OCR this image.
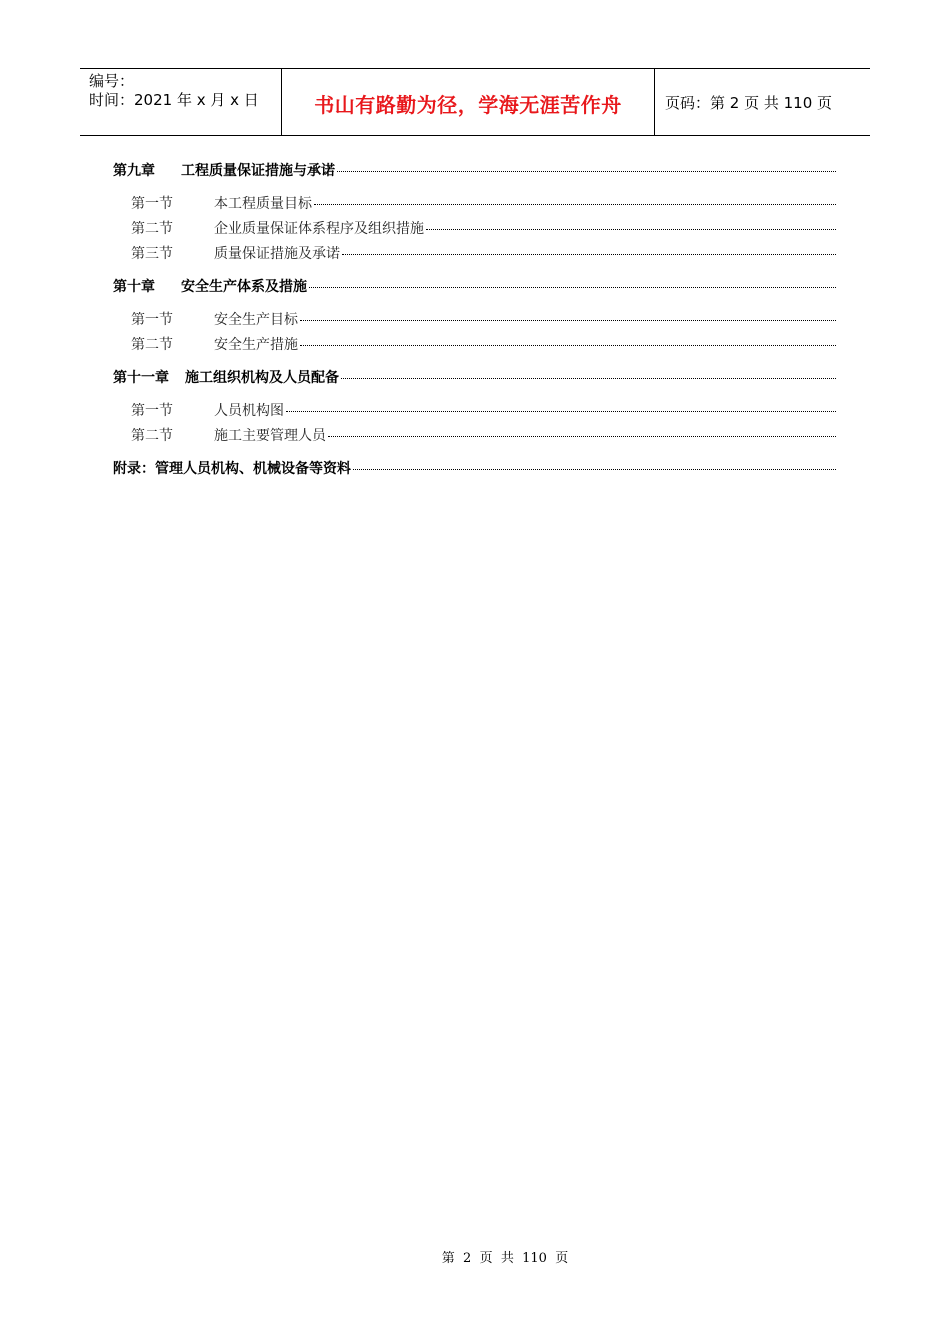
编号：
时间：2021 年 x 月 x 日	书山有路勤为径，学海无涯苦作舟	页码：第 2 页 共 110 页
第九章	工程质量保证措施与承诺
第一节	本工程质量目标
第二节	企业质量保证体系程序及组织措施
第三节	质量保证措施及承诺
第十章	安全生产体系及措施
第一节	安全生产目标
第二节	安全生产措施
第十一章	施工组织机构及人员配备
第一节	人员机构图
第二节	施工主要管理人员
附录：管理人员机构、机械设备等资料
第  2  页  共  110  页
